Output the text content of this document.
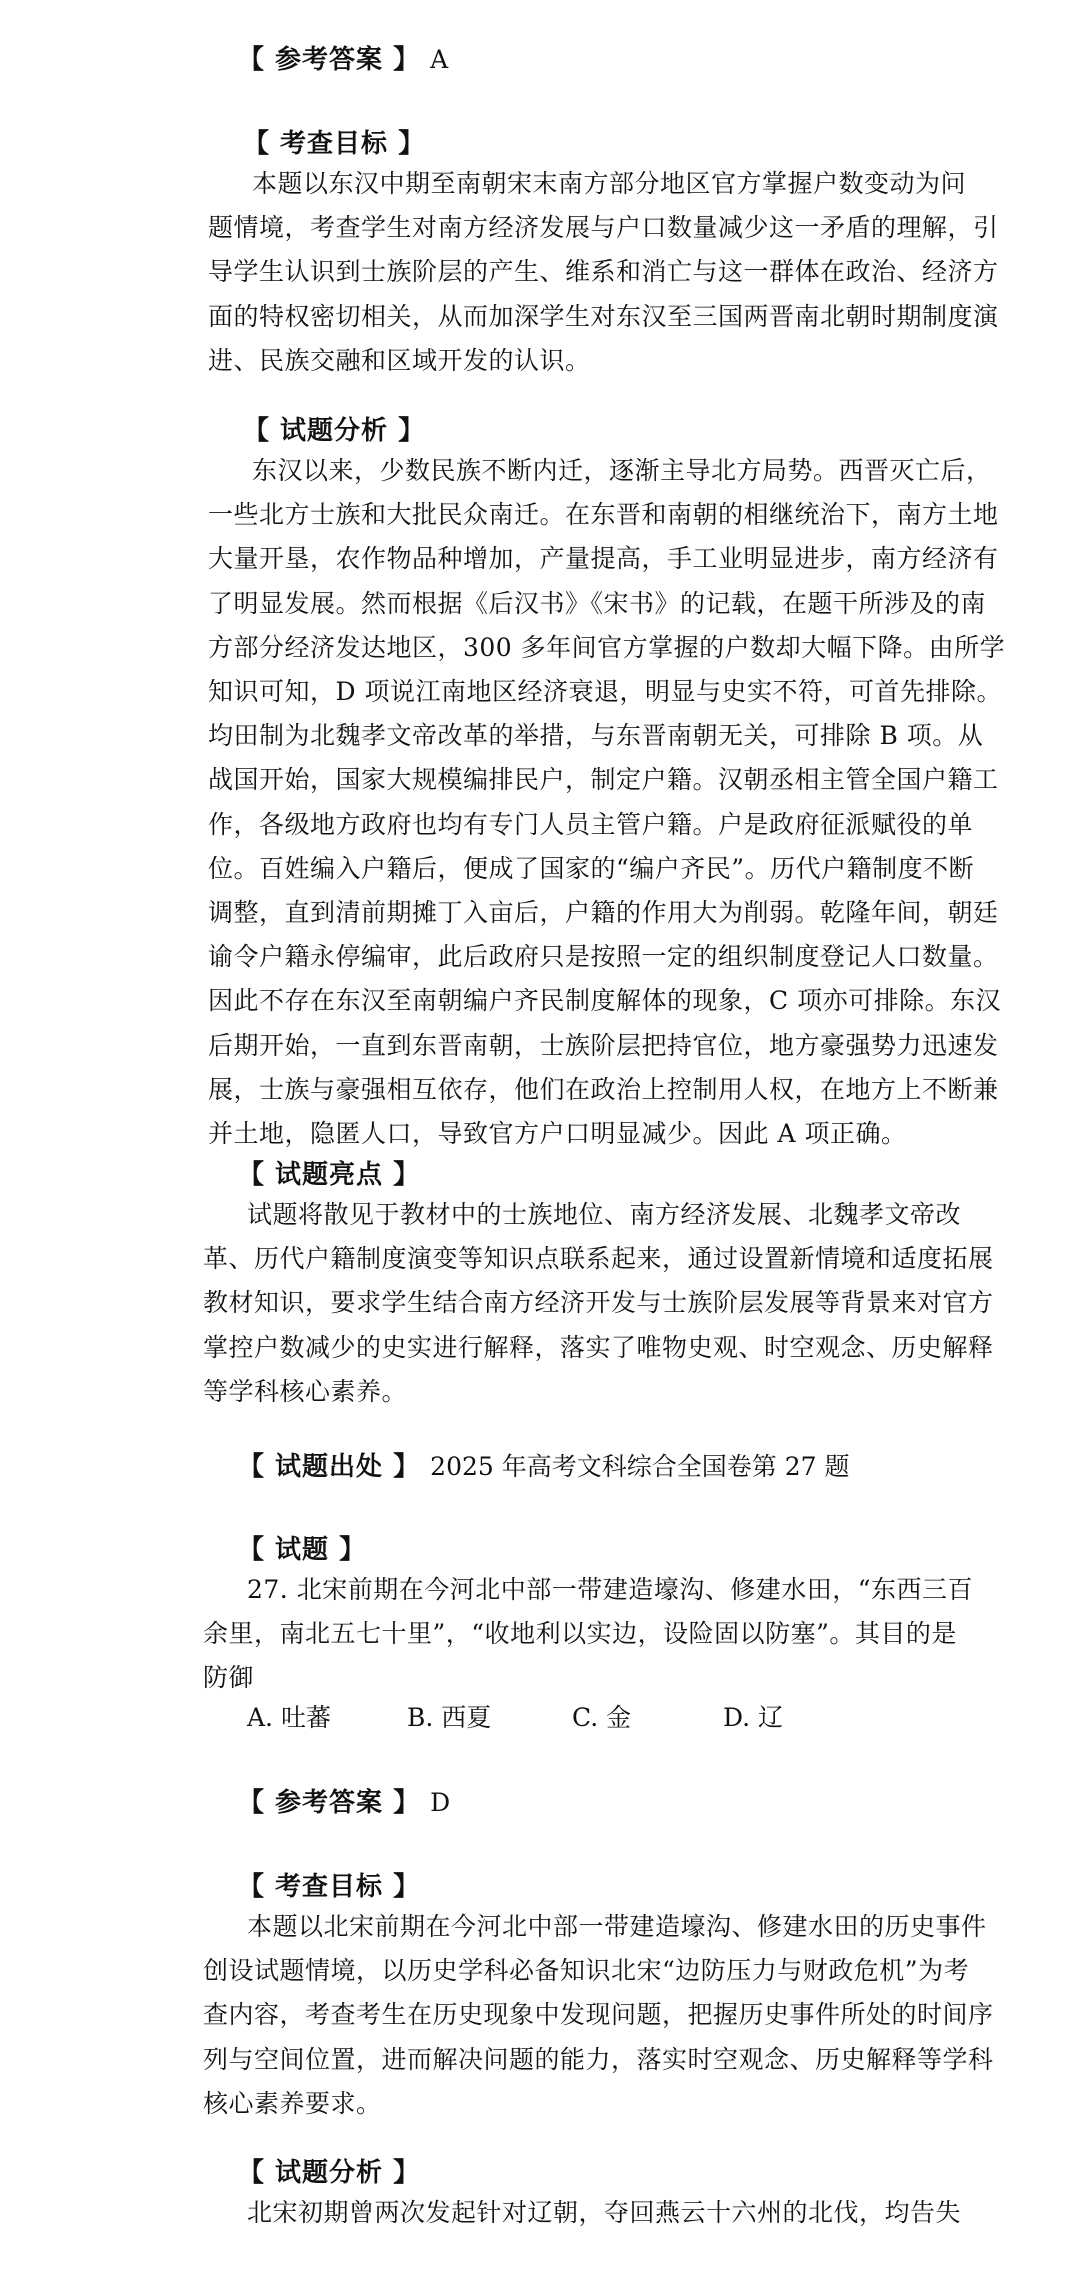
【 参考答案 】 A
【 考查目标 】
本题以东汉中期至南朝宋末南方部分地区官方掌握户数变动为问
题情境，考查学生对南方经济发展与户口数量减少这一矛盾的理解，引
导学生认识到士族阶层的产生、维系和消亡与这一群体在政治、经济方
面的特权密切相关，从而加深学生对东汉至三国两晋南北朝时期制度演
进、民族交融和区域开发的认识。
【 试题分析 】
东汉以来，少数民族不断内迁，逐渐主导北方局势。西晋灭亡后，
一些北方士族和大批民众南迁。在东晋和南朝的相继统治下，南方土地
大量开垦，农作物品种增加，产量提高，手工业明显进步，南方经济有
了明显发展。然而根据《后汉书》《宋书》的记载，在题干所涉及的南
方部分经济发达地区，300 多年间官方掌握的户数却大幅下降。由所学
知识可知，D 项说江南地区经济衰退，明显与史实不符，可首先排除。
均田制为北魏孝文帝改革的举措，与东晋南朝无关，可排除 B 项。从
战国开始，国家大规模编排民户，制定户籍。汉朝丞相主管全国户籍工
作，各级地方政府也均有专门人员主管户籍。户是政府征派赋役的单
位。百姓编入户籍后，便成了国家的“编户齐民”。历代户籍制度不断
调整，直到清前期摊丁入亩后，户籍的作用大为削弱。乾隆年间，朝廷
谕令户籍永停编审，此后政府只是按照一定的组织制度登记人口数量。
因此不存在东汉至南朝编户齐民制度解体的现象，C 项亦可排除。东汉
后期开始，一直到东晋南朝，士族阶层把持官位，地方豪强势力迅速发
展，士族与豪强相互依存，他们在政治上控制用人权，在地方上不断兼
并土地，隐匿人口，导致官方户口明显减少。因此 A 项正确。
【 试题亮点 】
试题将散见于教材中的士族地位、南方经济发展、北魏孝文帝改
革、历代户籍制度演变等知识点联系起来，通过设置新情境和适度拓展
教材知识，要求学生结合南方经济开发与士族阶层发展等背景来对官方
掌控户数减少的史实进行解释，落实了唯物史观、时空观念、历史解释
等学科核心素养。
【 试题出处 】 2025 年高考文科综合全国卷第 27 题
【 试题 】
27. 北宋前期在今河北中部一带建造壕沟、修建水田，“东西三百
余里，南北五七十里”，“收地利以实边，设险固以防塞”。其目的是
防御
A. 吐蕃	B. 西夏	C. 金	D. 辽
【 参考答案 】 D
【 考查目标 】
本题以北宋前期在今河北中部一带建造壕沟、修建水田的历史事件
创设试题情境，以历史学科必备知识北宋“边防压力与财政危机”为考
查内容，考查考生在历史现象中发现问题，把握历史事件所处的时间序
列与空间位置，进而解决问题的能力，落实时空观念、历史解释等学科
核心素养要求。
【 试题分析 】
北宋初期曾两次发起针对辽朝，夺回燕云十六州的北伐，均告失
